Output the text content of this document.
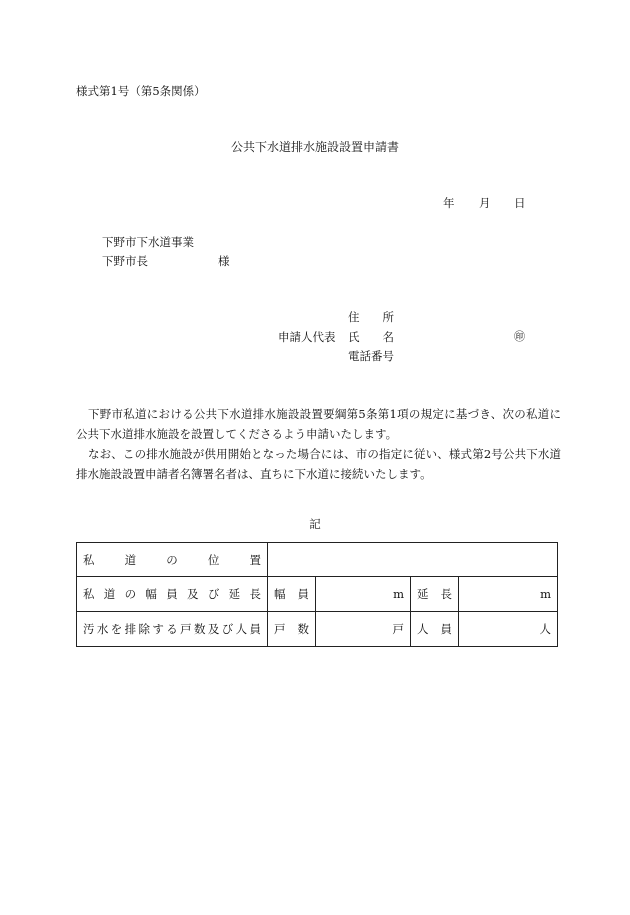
様式第1号（第5条関係）
公共下水道排水施設設置申請書
年 月 日
下野市下水道事業
下野市長	様
住　　所
申請人代表 氏　　名	㊞
電話番号
下野市私道における公共下水道排水施設設置要綱第5条第1項の規定に基づき、次の私道に公共下水道排水施設を設置してくださるよう申請いたします。
なお、この排水施設が供用開始となった場合には、市の指定に従い、様式第2号公共下水道排水施設設置申請者名簿署名者は、直ちに下水道に接続いたします。
記
私道の位置				
私道の幅員及び延長	幅員	m	延長	m
汚水を排除する戸数及び人員	戸数	戸	人員	人
